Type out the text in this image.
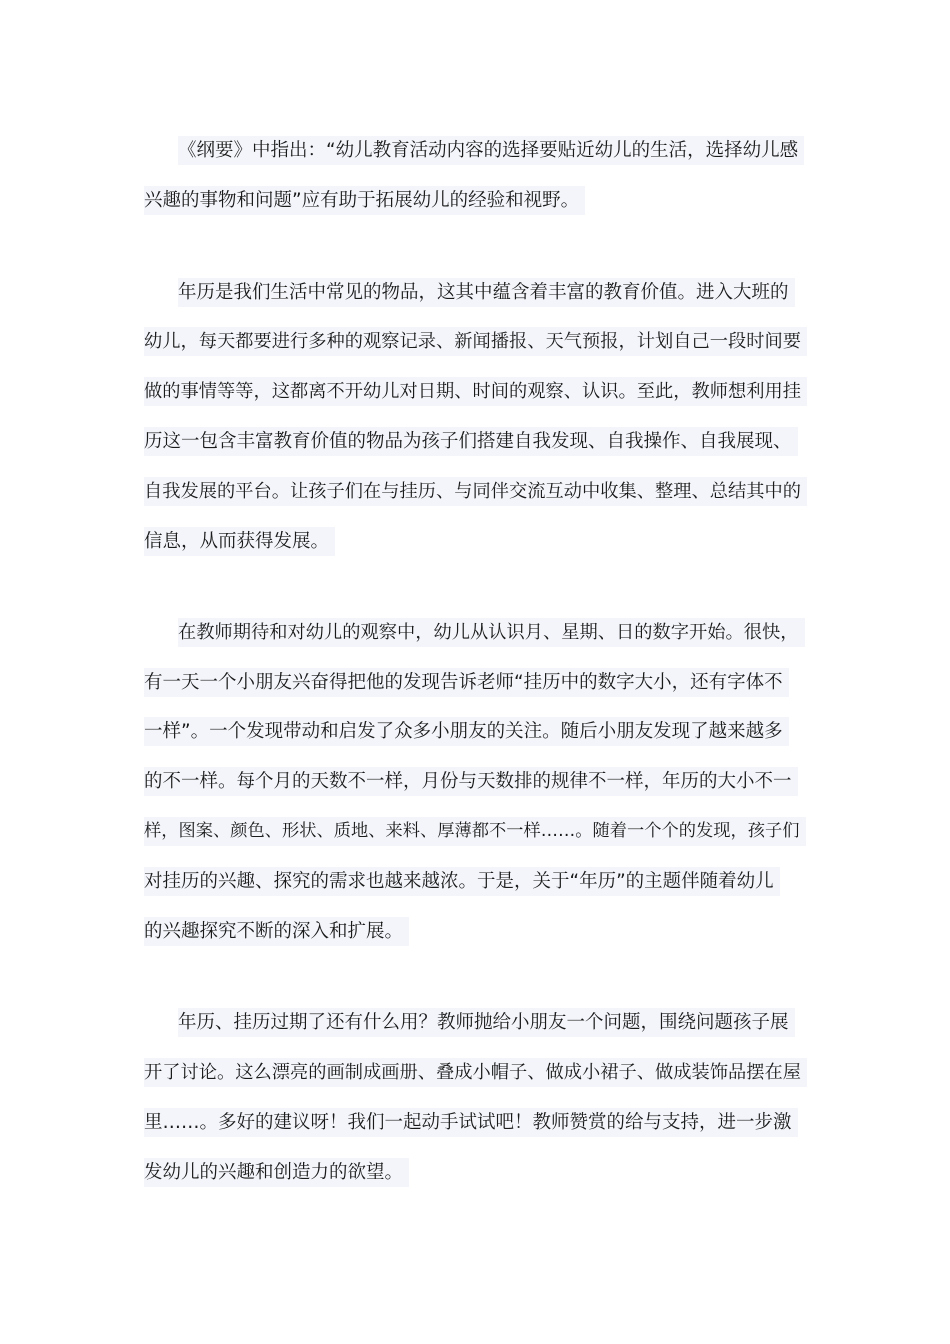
《纲要》中指出：“幼儿教育活动内容的选择要贴近幼儿的生活，选择幼儿感
兴趣的事物和问题”应有助于拓展幼儿的经验和视野。
年历是我们生活中常见的物品，这其中蕴含着丰富的教育价值。进入大班的
幼儿，每天都要进行多种的观察记录、新闻播报、天气预报，计划自己一段时间要
做的事情等等，这都离不开幼儿对日期、时间的观察、认识。至此，教师想利用挂
历这一包含丰富教育价值的物品为孩子们搭建自我发现、自我操作、自我展现、
自我发展的平台。让孩子们在与挂历、与同伴交流互动中收集、整理、总结其中的
信息，从而获得发展。
在教师期待和对幼儿的观察中，幼儿从认识月、星期、日的数字开始。很快，
有一天一个小朋友兴奋得把他的发现告诉老师“挂历中的数字大小，还有字体不
一样”。一个发现带动和启发了众多小朋友的关注。随后小朋友发现了越来越多
的不一样。每个月的天数不一样，月份与天数排的规律不一样，年历的大小不一
样，图案、颜色、形状、质地、来料、厚薄都不一样……。随着一个个的发现，孩子们
对挂历的兴趣、探究的需求也越来越浓。于是，关于“年历”的主题伴随着幼儿
的兴趣探究不断的深入和扩展。
年历、挂历过期了还有什么用？教师抛给小朋友一个问题，围绕问题孩子展
开了讨论。这么漂亮的画制成画册、叠成小帽子、做成小裙子、做成装饰品摆在屋
里……。多好的建议呀！我们一起动手试试吧！教师赞赏的给与支持，进一步激
发幼儿的兴趣和创造力的欲望。
